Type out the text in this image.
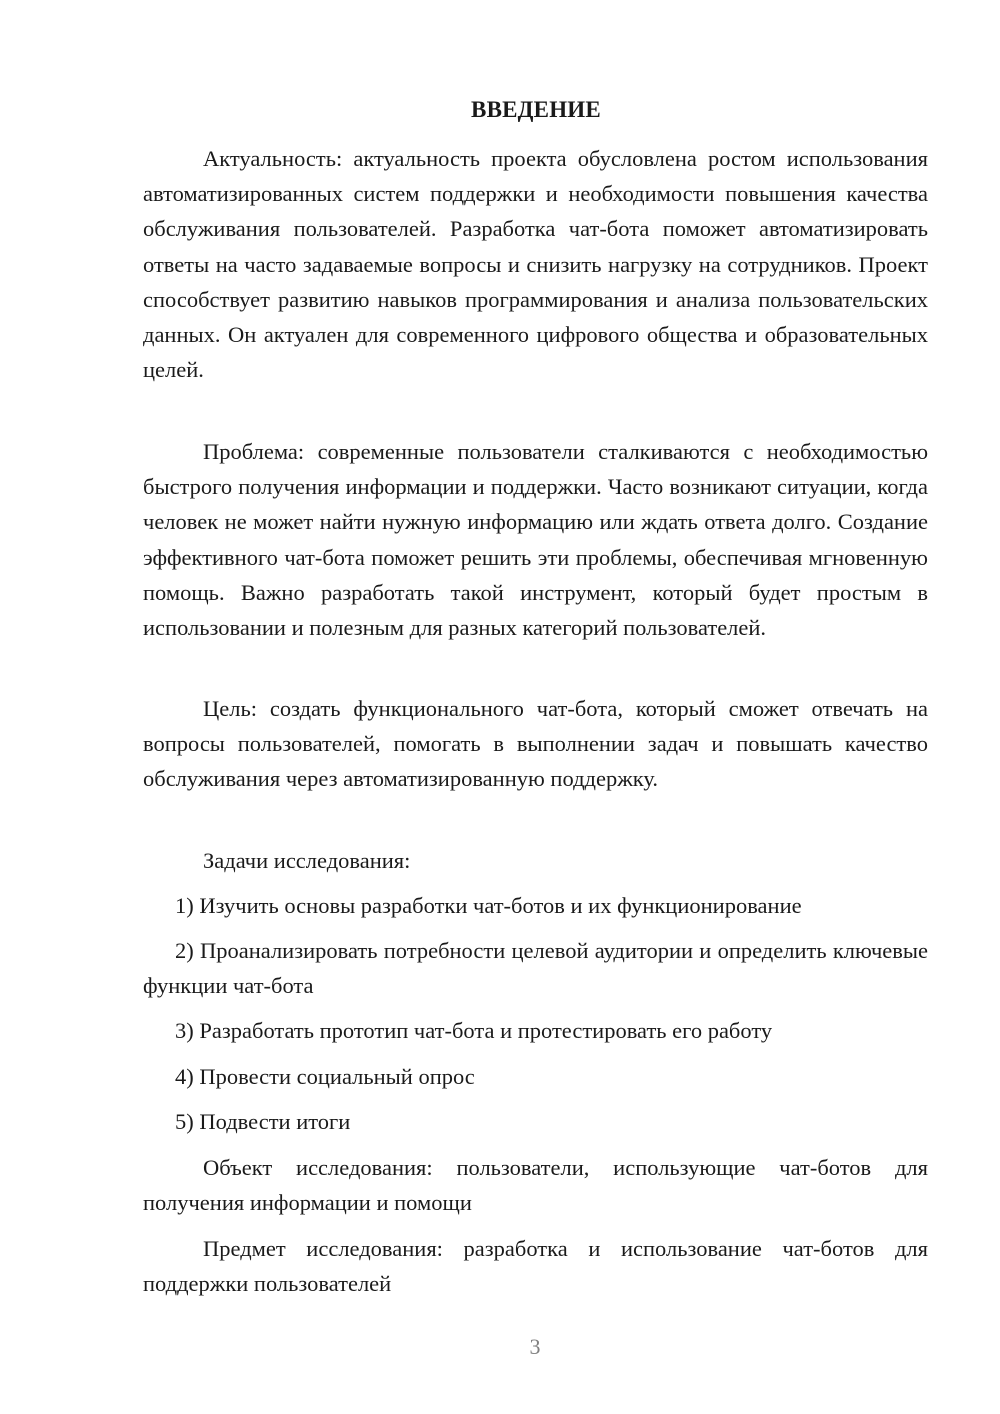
ВВЕДЕНИЕ

Актуальность: актуальность проекта обусловлена ростом использования автоматизированных систем поддержки и необходимости повышения качества обслуживания пользователей. Разработка чат-бота поможет автоматизировать ответы на часто задаваемые вопросы и снизить нагрузку на сотрудников. Проект способствует развитию навыков программирования и анализа пользовательских данных. Он актуален для современного цифрового общества и образовательных целей.

Проблема: современные пользователи сталкиваются с необходимостью быстрого получения информации и поддержки. Часто возникают ситуации, когда человек не может найти нужную информацию или ждать ответа долго. Создание эффективного чат-бота поможет решить эти проблемы, обеспечивая мгновенную помощь. Важно разработать такой инструмент, который будет простым в использовании и полезным для разных категорий пользователей.

Цель: создать функционального чат-бота, который сможет отвечать на вопросы пользователей, помогать в выполнении задач и повышать качество обслуживания через автоматизированную поддержку.

Задачи исследования:

1) Изучить основы разработки чат-ботов и их функционирование

2) Проанализировать потребности целевой аудитории и определить ключевые функции чат-бота

3) Разработать прототип чат-бота и протестировать его работу

4) Провести социальный опрос

5) Подвести итоги

Объект исследования: пользователи, использующие чат-ботов для получения информации и помощи

Предмет исследования: разработка и использование чат-ботов для поддержки пользователей

3
